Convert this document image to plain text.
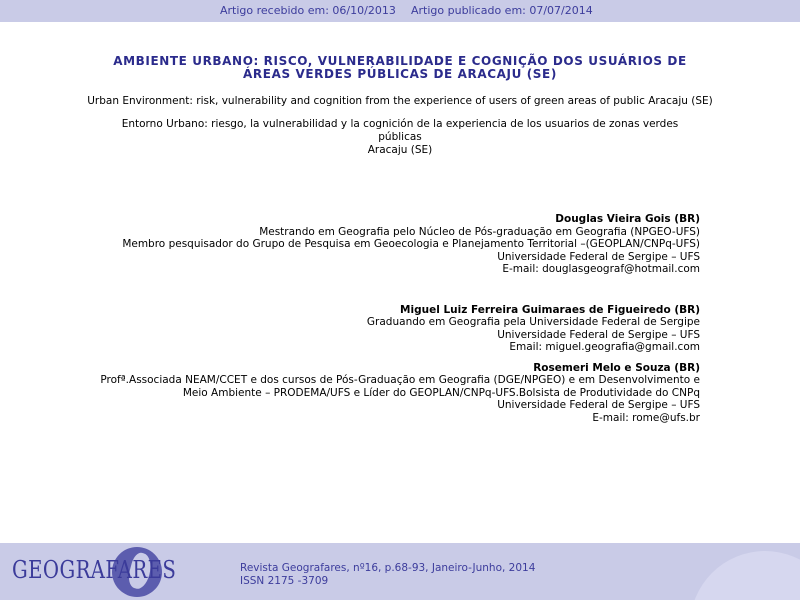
Artigo recebido em: 06/10/2013 Artigo publicado em: 07/07/2014
AMBIENTE URBANO: RISCO, VULNERABILIDADE E COGNIÇÃO DOS USUÁRIOS DE
ÁREAS VERDES PÚBLICAS DE ARACAJU (SE)
Urban Environment: risk, vulnerability and cognition from the experience of users of green areas of public Aracaju (SE)
Entorno Urbano: riesgo, la vulnerabilidad y la cognición de la experiencia de los usuarios de zonas verdes públicas
Aracaju (SE)
Douglas Vieira Gois (BR)
Mestrando em Geografia pelo Núcleo de Pós-graduação em Geografia (NPGEO-UFS)
Membro pesquisador do Grupo de Pesquisa em Geoecologia e Planejamento Territorial –(GEOPLAN/CNPq-UFS)
Universidade Federal de Sergipe – UFS
E-mail: douglasgeograf@hotmail.com
Miguel Luiz Ferreira Guimaraes de Figueiredo (BR)
Graduando em Geografia pela Universidade Federal de Sergipe
Universidade Federal de Sergipe – UFS
Email: miguel.geografia@gmail.com
Rosemeri Melo e Souza (BR)
Profª.Associada NEAM/CCET e dos cursos de Pós-Graduação em Geografia (DGE/NPGEO) e em Desenvolvimento e
Meio Ambiente – PRODEMA/UFS e Líder do GEOPLAN/CNPq-UFS.Bolsista de Produtividade do CNPq
Universidade Federal de Sergipe – UFS
E-mail: rome@ufs.br
GEOGRAFARES	Revista Geografares, nº16, p.68-93, Janeiro-Junho, 2014
ISSN 2175 -3709
